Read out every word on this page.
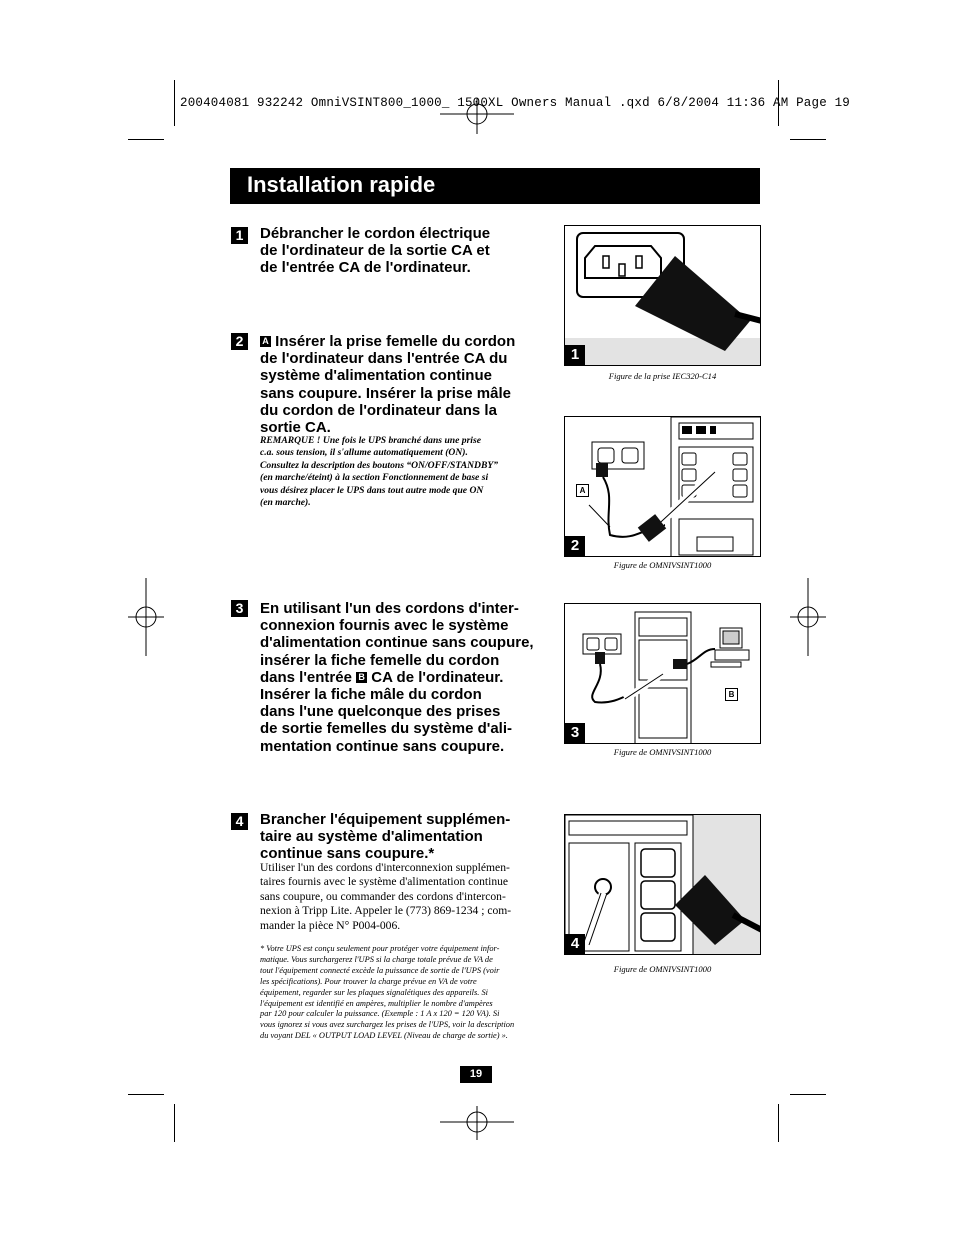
200404081 932242 OmniVSINT800_1000_ 1500XL Owners Manual .qxd 6/8/2004 11:36 AM Page 19
Installation rapide
1	Débrancher le cordon électrique
de l'ordinateur de la sortie CA et
de l'entrée CA de l'ordinateur.
2	A Insérer la prise femelle du cordon
de l'ordinateur dans l'entrée CA du
système d'alimentation continue
sans coupure. Insérer la prise mâle
du cordon de l'ordinateur dans la
sortie CA.
REMARQUE ! Une fois le UPS branché dans une prise
c.a. sous tension, il s'allume automatiquement (ON).
Consultez la description des boutons “ON/OFF/STANDBY”
(en marche/éteint) à la section Fonctionnement de base si
vous désirez placer le UPS dans tout autre mode que ON
(en marche).
3	En utilisant l'un des cordons d'inter-
connexion fournis avec le système
d'alimentation continue sans coupure,
insérer la fiche femelle du cordon
dans l'entrée B CA de l'ordinateur.
Insérer la fiche mâle du cordon
dans l'une quelconque des prises
de sortie femelles du système d'ali-
mentation continue sans coupure.
4	Brancher l'équipement supplémen-
taire au système d'alimentation
continue sans coupure.*
Utiliser l'un des cordons d'interconnexion supplémen-
taires fournis avec le système d'alimentation continue
sans coupure, ou commander des cordons d'intercon-
nexion à Tripp Lite. Appeler le (773) 869-1234 ; com-
mander la pièce N° P004-006.
* Votre UPS est conçu seulement pour protéger votre équipement infor-
matique. Vous surchargerez l'UPS si la charge totale prévue de VA de
tout l'équipement connecté excède la puissance de sortie de l'UPS (voir
les spécifications). Pour trouver la charge prévue en VA de votre
équipement, regarder sur les plaques signalétiques des appareils. Si
l'équipement est identifié en ampères, multiplier le nombre d'ampères
par 120 pour calculer la puissance. (Exemple : 1 A x 120 = 120 VA). Si
vous ignorez si vous avez surchargez les prises de l'UPS, voir la description
du voyant DEL « OUTPUT LOAD LEVEL (Niveau de charge de sortie) ».
1
Figure de la prise IEC320-C14
A
2
Figure de OMNIVSINT1000
B
3
Figure de OMNIVSINT1000
4
Figure de OMNIVSINT1000
19
